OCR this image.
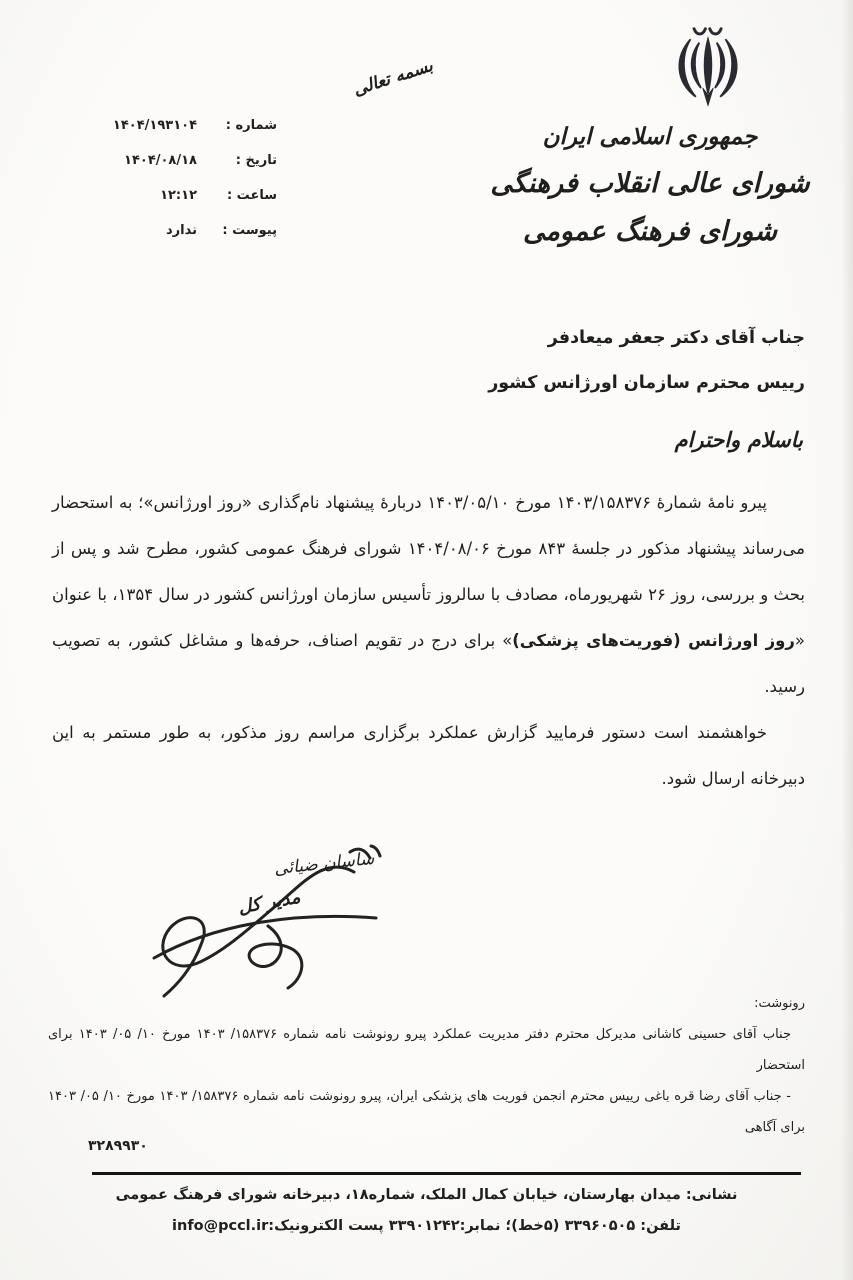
جمهوری اسلامی ایران
شورای عالی انقلاب فرهنگی
شورای فرهنگ عمومی
بسمه تعالی
شماره :
۱۴۰۴/۱۹۳۱۰۴
تاریخ :
۱۴۰۴/۰۸/۱۸
ساعت :
۱۲:۱۲
پیوست :
ندارد
جناب آقای دکتر جعفر میعادفر
رییس محترم سازمان اورژانس کشور
باسلام واحترام

پیرو نامهٔ شمارهٔ ۱۴۰۳/۱۵۸۳۷۶ مورخ ۱۴۰۳/۰۵/۱۰ دربارهٔ پیشنهاد نام‌گذاری «روز اورژانس»؛ به استحضار می‌رساند پیشنهاد مذکور در جلسهٔ ۸۴۳ مورخ ۱۴۰۴/۰۸/۰۶ شورای فرهنگ عمومی کشور، مطرح شد و پس از بحث و بررسی، روز ۲۶ شهریورماه، مصادف با سالروز تأسیس سازمان اورژانس کشور در سال ۱۳۵۴، با عنوان «روز اورژانس (فوریت‌های پزشکی)» برای درج در تقویم اصناف، حرفه‌ها و مشاغل کشور، به تصویب رسید.

خواهشمند است دستور فرمایید گزارش عملکرد برگزاری مراسم روز مذکور، به طور مستمر به این دبیرخانه ارسال شود.

ساسان ضیائی
مدیر کل

رونوشت:

جناب آقای حسینی کاشانی مدیرکل محترم دفتر مدیریت عملکرد پیرو رونوشت نامه شماره ۱۵۸۳۷۶/ ۱۴۰۳ مورخ ۱۰/ ۰۵/ ۱۴۰۳ برای استحضار

- جناب آقای رضا قره باغی رییس محترم انجمن فوریت های پزشکی ایران، پیرو رونوشت نامه شماره ۱۵۸۳۷۶/ ۱۴۰۳ مورخ ۱۰/ ۰۵/ ۱۴۰۳ برای آگاهی

۳۲۸۹۹۳۰
نشانی: میدان بهارستان، خیابان کمال الملک، شماره۱۸، دبیرخانه شورای فرهنگ عمومی
تلفن: ۳۳۹۶۰۵۰۵ (۵خط)؛ نمابر:۳۳۹۰۱۲۴۲ پست الکترونیک:info@pccl.ir
